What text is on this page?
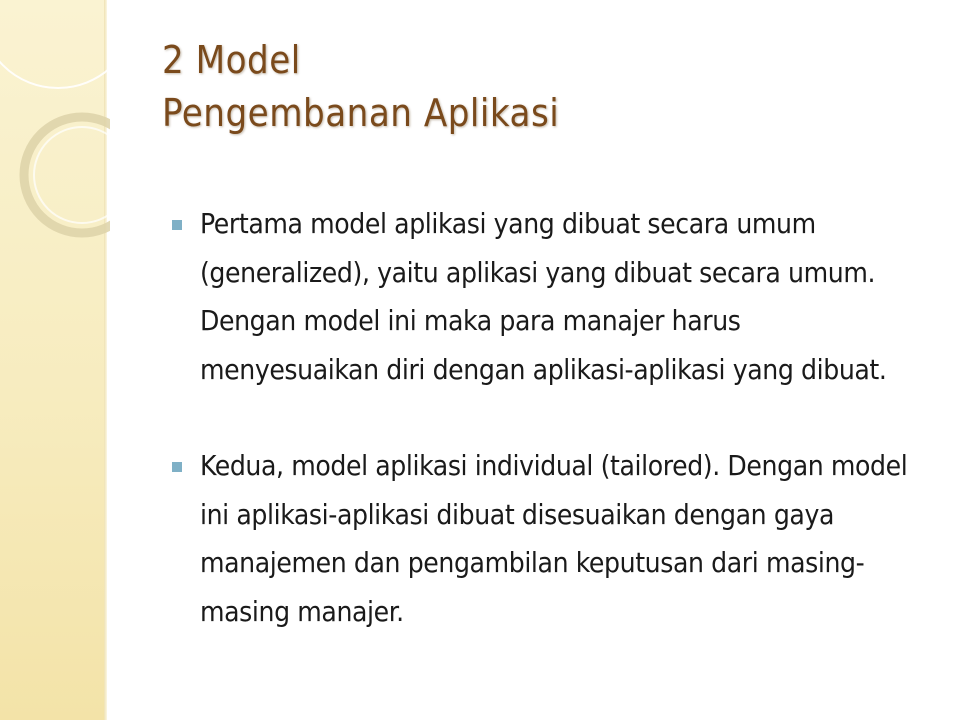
2 Model
Pengembanan Aplikasi
Pertama model aplikasi yang dibuat secara umum
(generalized), yaitu aplikasi yang dibuat secara umum.
Dengan model ini maka para manajer harus
menyesuaikan diri dengan aplikasi-aplikasi yang dibuat.
Kedua, model aplikasi individual (tailored). Dengan model
ini aplikasi-aplikasi dibuat disesuaikan dengan gaya
manajemen dan pengambilan keputusan dari masing-
masing manajer.
